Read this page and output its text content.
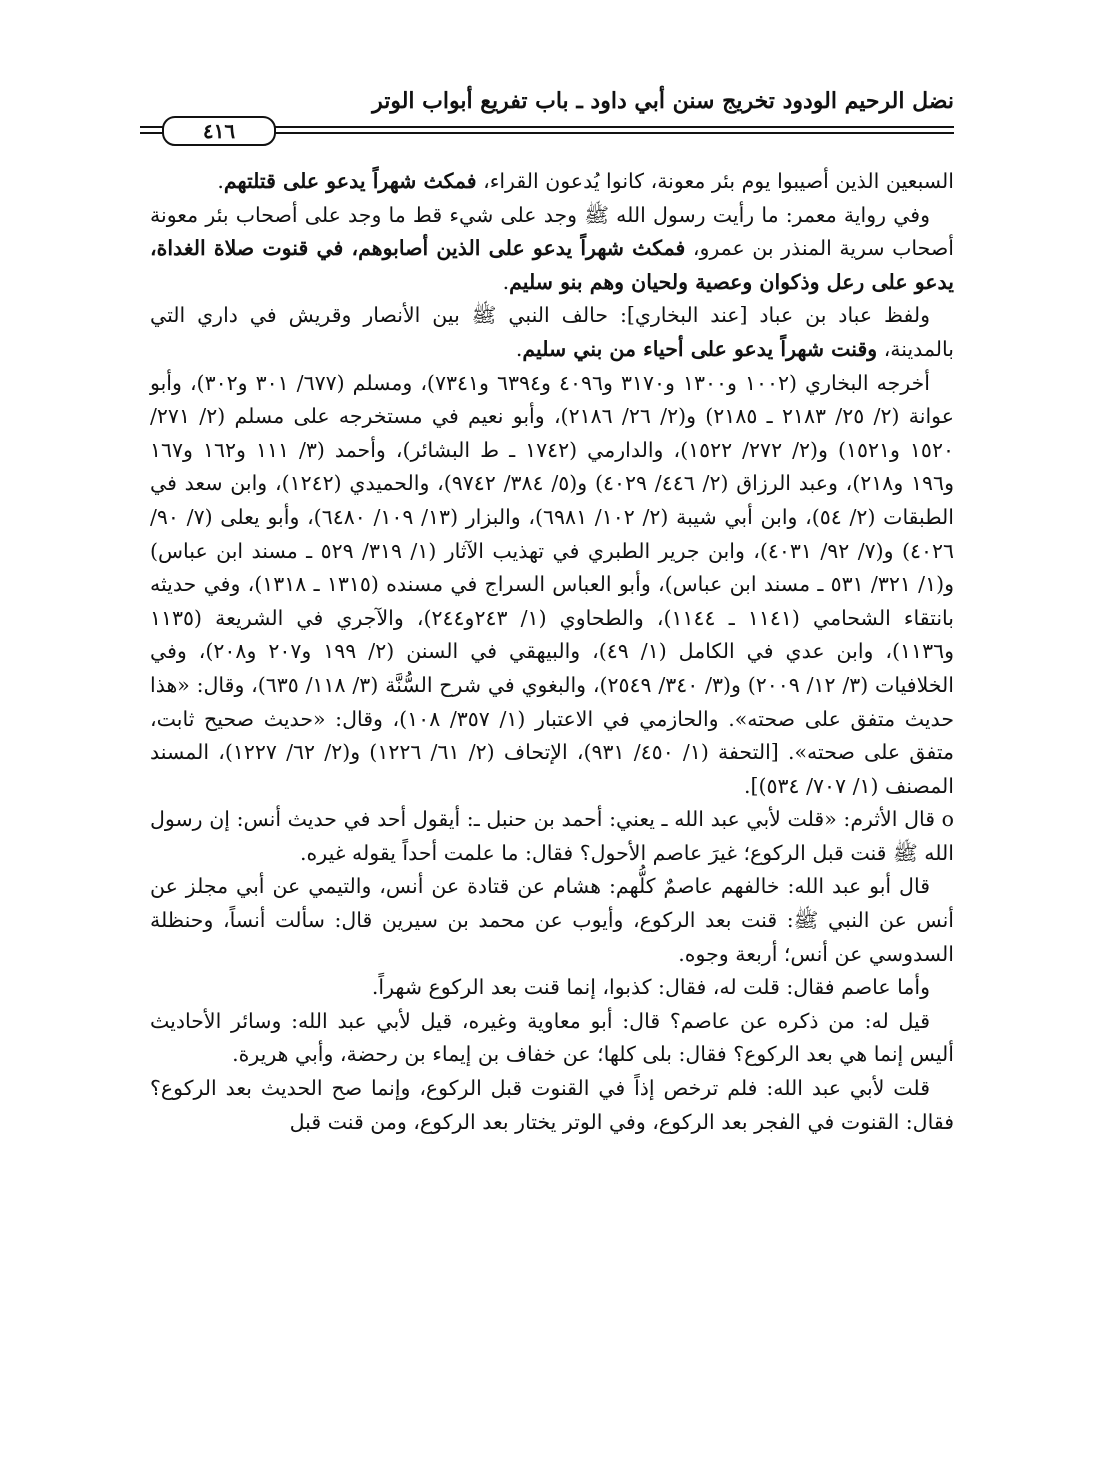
نضل الرحيم الودود تخريج سنن أبي داود ـ باب تفريع أبواب الوتر
٤١٦

السبعين الذين أصيبوا يوم بئر معونة، كانوا يُدعون القراء، فمكث شهراً يدعو على قتلتهم.

وفي رواية معمر: ما رأيت رسول الله ﷺ وجد على شيء قط ما وجد على أصحاب بئر معونة أصحاب سرية المنذر بن عمرو، فمكث شهراً يدعو على الذين أصابوهم، في قنوت صلاة الغداة، يدعو على رعل وذكوان وعصية ولحيان وهم بنو سليم.

ولفظ عباد بن عباد [عند البخاري]: حالف النبي ﷺ بين الأنصار وقريش في داري التي بالمدينة، وقنت شهراً يدعو على أحياء من بني سليم.

أخرجه البخاري (١٠٠٢ و١٣٠٠ و٣١٧٠ و٤٠٩٦ و٦٣٩٤ و٧٣٤١)، ومسلم (٦٧٧/ ٣٠١ و٣٠٢)، وأبو عوانة (٢/ ٢٥/ ٢١٨٣ ـ ٢١٨٥) و(٢/ ٢٦/ ٢١٨٦)، وأبو نعيم في مستخرجه على مسلم (٢/ ٢٧١/ ١٥٢٠ و١٥٢١) و(٢/ ٢٧٢/ ١٥٢٢)، والدارمي (١٧٤٢ ـ ط البشائر)، وأحمد (٣/ ١١١ و١٦٢ و١٦٧ و١٩٦ و٢١٨)، وعبد الرزاق (٢/ ٤٤٦/ ٤٠٢٩) و(٥/ ٣٨٤/ ٩٧٤٢)، والحميدي (١٢٤٢)، وابن سعد في الطبقات (٢/ ٥٤)، وابن أبي شيبة (٢/ ١٠٢/ ٦٩٨١)، والبزار (١٣/ ١٠٩/ ٦٤٨٠)، وأبو يعلى (٧/ ٩٠/ ٤٠٢٦) و(٧/ ٩٢/ ٤٠٣١)، وابن جرير الطبري في تهذيب الآثار (١/ ٣١٩/ ٥٢٩ ـ مسند ابن عباس) و(١/ ٣٢١/ ٥٣١ ـ مسند ابن عباس)، وأبو العباس السراج في مسنده (١٣١٥ ـ ١٣١٨)، وفي حديثه بانتقاء الشحامي (١١٤١ ـ ١١٤٤)، والطحاوي (١/ ٢٤٣و٢٤٤)، والآجري في الشريعة (١١٣٥ و١١٣٦)، وابن عدي في الكامل (١/ ٤٩)، والبيهقي في السنن (٢/ ١٩٩ و٢٠٧ و٢٠٨)، وفي الخلافيات (٣/ ١٢/ ٢٠٠٩) و(٣/ ٣٤٠/ ٢٥٤٩)، والبغوي في شرح السُّنَّة (٣/ ١١٨/ ٦٣٥)، وقال: «هذا حديث متفق على صحته». والحازمي في الاعتبار (١/ ٣٥٧/ ١٠٨)، وقال: «حديث صحيح ثابت، متفق على صحته». [التحفة (١/ ٤٥٠/ ٩٣١)، الإتحاف (٢/ ٦١/ ١٢٢٦) و(٢/ ٦٢/ ١٢٢٧)، المسند المصنف (١/ ٧٠٧/ ٥٣٤)].

o قال الأثرم: «قلت لأبي عبد الله ـ يعني: أحمد بن حنبل ـ: أيقول أحد في حديث أنس: إن رسول الله ﷺ قنت قبل الركوع؛ غيرَ عاصم الأحول؟ فقال: ما علمت أحداً يقوله غيره.

قال أبو عبد الله: خالفهم عاصمٌ كلُّهم: هشام عن قتادة عن أنس، والتيمي عن أبي مجلز عن أنس عن النبي ﷺ: قنت بعد الركوع، وأيوب عن محمد بن سيرين قال: سألت أنساً، وحنظلة السدوسي عن أنس؛ أربعة وجوه.

وأما عاصم فقال: قلت له، فقال: كذبوا، إنما قنت بعد الركوع شهراً.

قيل له: من ذكره عن عاصم؟ قال: أبو معاوية وغيره، قيل لأبي عبد الله: وسائر الأحاديث أليس إنما هي بعد الركوع؟ فقال: بلى كلها؛ عن خفاف بن إيماء بن رحضة، وأبي هريرة.

قلت لأبي عبد الله: فلم ترخص إذاً في القنوت قبل الركوع، وإنما صح الحديث بعد الركوع؟ فقال: القنوت في الفجر بعد الركوع، وفي الوتر يختار بعد الركوع، ومن قنت قبل
